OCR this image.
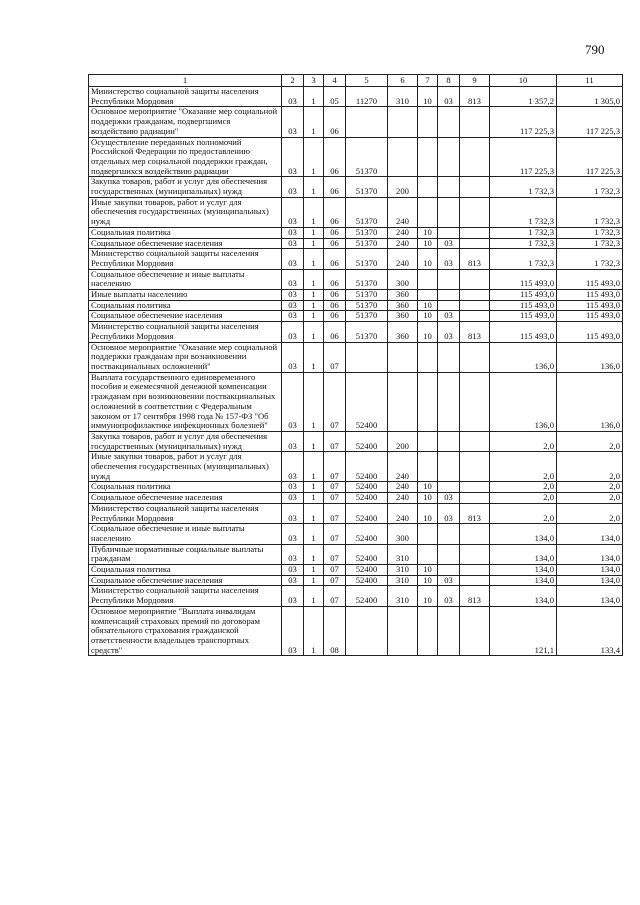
790
1	2	3	4	5	6	7	8	9	10	11
Министерство социальной защиты населения Республики Мордовия	03	1	05	11270	310	10	03	813	1 357,2	1 305,0
Основное мероприятие "Оказание мер социальной поддержки гражданам, подвергшимся воздействию радиации"	03	1	06						117 225,3	117 225,3
Осуществление переданных полномочий Российской Федерации по предоставлению отдельных мер социальной поддержки граждан, подвергшихся воздействию радиации	03	1	06	51370					117 225,3	117 225,3
Закупка товаров, работ и услуг для обеспечения государственных (муниципальных) нужд	03	1	06	51370	200				1 732,3	1 732,3
Иные закупки товаров, работ и услуг для обеспечения государственных (муниципальных) нужд	03	1	06	51370	240				1 732,3	1 732,3
Социальная политика	03	1	06	51370	240	10			1 732,3	1 732,3
Социальное обеспечение населения	03	1	06	51370	240	10	03		1 732,3	1 732,3
Министерство социальной защиты населения Республики Мордовия	03	1	06	51370	240	10	03	813	1 732,3	1 732,3
Социальное обеспечение и иные выплаты населению	03	1	06	51370	300				115 493,0	115 493,0
Иные выплаты населению	03	1	06	51370	360				115 493,0	115 493,0
Социальная политика	03	1	06	51370	360	10			115 493,0	115 493,0
Социальное обеспечение населения	03	1	06	51370	360	10	03		115 493,0	115 493,0
Министерство социальной защиты населения Республики Мордовия	03	1	06	51370	360	10	03	813	115 493,0	115 493,0
Основное мероприятие "Оказание мер социальной поддержки гражданам при возникновении поствакцинальных осложнений"	03	1	07						136,0	136,0
Выплата государственного единовременного пособия и ежемесячной денежной компенсации гражданам при возникновении поствакцинальных осложнений в соответствии с Федеральным законом от 17 сентября 1998 года № 157-ФЗ "Об иммунопрофилактике инфекционных болезней"	03	1	07	52400					136,0	136,0
Закупка товаров, работ и услуг для обеспечения государственных (муниципальных) нужд	03	1	07	52400	200				2,0	2,0
Иные закупки товаров, работ и услуг для обеспечения государственных (муниципальных) нужд	03	1	07	52400	240				2,0	2,0
Социальная политика	03	1	07	52400	240	10			2,0	2,0
Социальное обеспечение населения	03	1	07	52400	240	10	03		2,0	2,0
Министерство социальной защиты населения Республики Мордовия	03	1	07	52400	240	10	03	813	2,0	2,0
Социальное обеспечение и иные выплаты населению	03	1	07	52400	300				134,0	134,0
Публичные нормативные социальные выплаты гражданам	03	1	07	52400	310				134,0	134,0
Социальная политика	03	1	07	52400	310	10			134,0	134,0
Социальное обеспечение населения	03	1	07	52400	310	10	03		134,0	134,0
Министерство социальной защиты населения Республики Мордовия	03	1	07	52400	310	10	03	813	134,0	134,0
Основное мероприятие "Выплата инвалидам компенсаций страховых премий по договорам обязательного страхования гражданской ответственности владельцев транспортных средств"	03	1	08						121,1	133,4
